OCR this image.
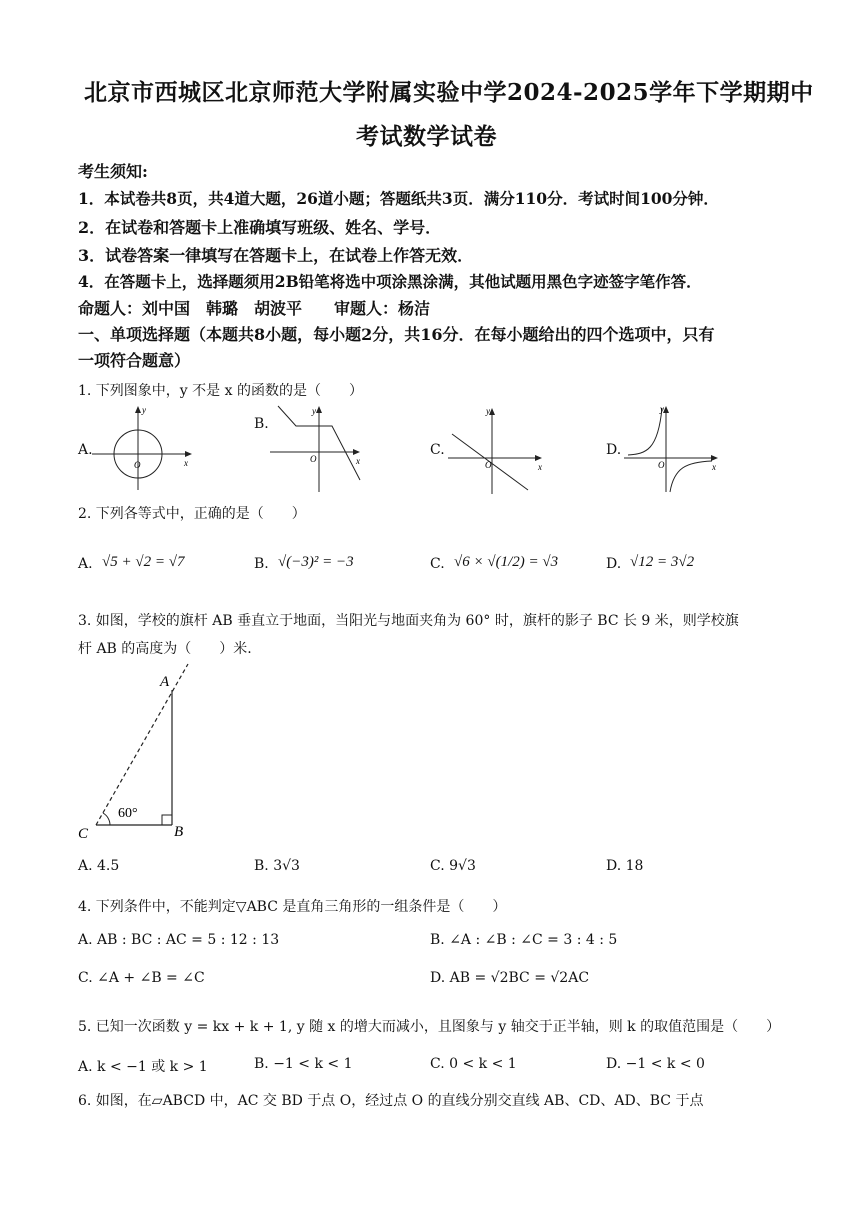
北京市西城区北京师范大学附属实验中学2024-2025学年下学期期中
考试数学试卷
考生须知:
1．本试卷共8页，共4道大题，26道小题；答题纸共3页．满分110分．考试时间100分钟．
2．在试卷和答题卡上准确填写班级、姓名、学号．
3．试卷答案一律填写在答题卡上，在试卷上作答无效．
4．在答题卡上，选择题须用2B铅笔将选中项涂黑涂满，其他试题用黑色字迹签字笔作答．
命题人：刘中国　韩璐　胡波平　　审题人：杨洁
一、单项选择题（本题共8小题，每小题2分，共16分．在每小题给出的四个选项中，只有
一项符合题意）
1. 下列图象中，y 不是 x 的函数的是（　　）
A.
O	x
y
B.
O	x
y
C.
O	x
y
D.
O	x
y
2. 下列各等式中，正确的是（　　）
A. √5 + √2 = √7	B. √(−3)² = −3	C. √6 × √(1/2) = √3	D. √12 = 3√2
3. 如图，学校的旗杆 AB 垂直立于地面，当阳光与地面夹角为 60° 时，旗杆的影子 BC 长 9 米，则学校旗
杆 AB 的高度为（　　）米.
60°
A
B
C
A. 4.5	B. 3√3	C. 9√3	D. 18
4. 下列条件中，不能判定▽ABC 是直角三角形的一组条件是（　　）
A. AB : BC : AC = 5 : 12 : 13	B. ∠A : ∠B : ∠C = 3 : 4 : 5
C. ∠A + ∠B = ∠C	D. AB = √2BC = √2AC
5. 已知一次函数 y = kx + k + 1, y 随 x 的增大而减小，且图象与 y 轴交于正半轴，则 k 的取值范围是（　　）
A. k < −1 或 k > 1	B. −1 < k < 1	C. 0 < k < 1	D. −1 < k < 0
6. 如图，在▱ABCD 中，AC 交 BD 于点 O，经过点 O 的直线分别交直线 AB、CD、AD、BC 于点
